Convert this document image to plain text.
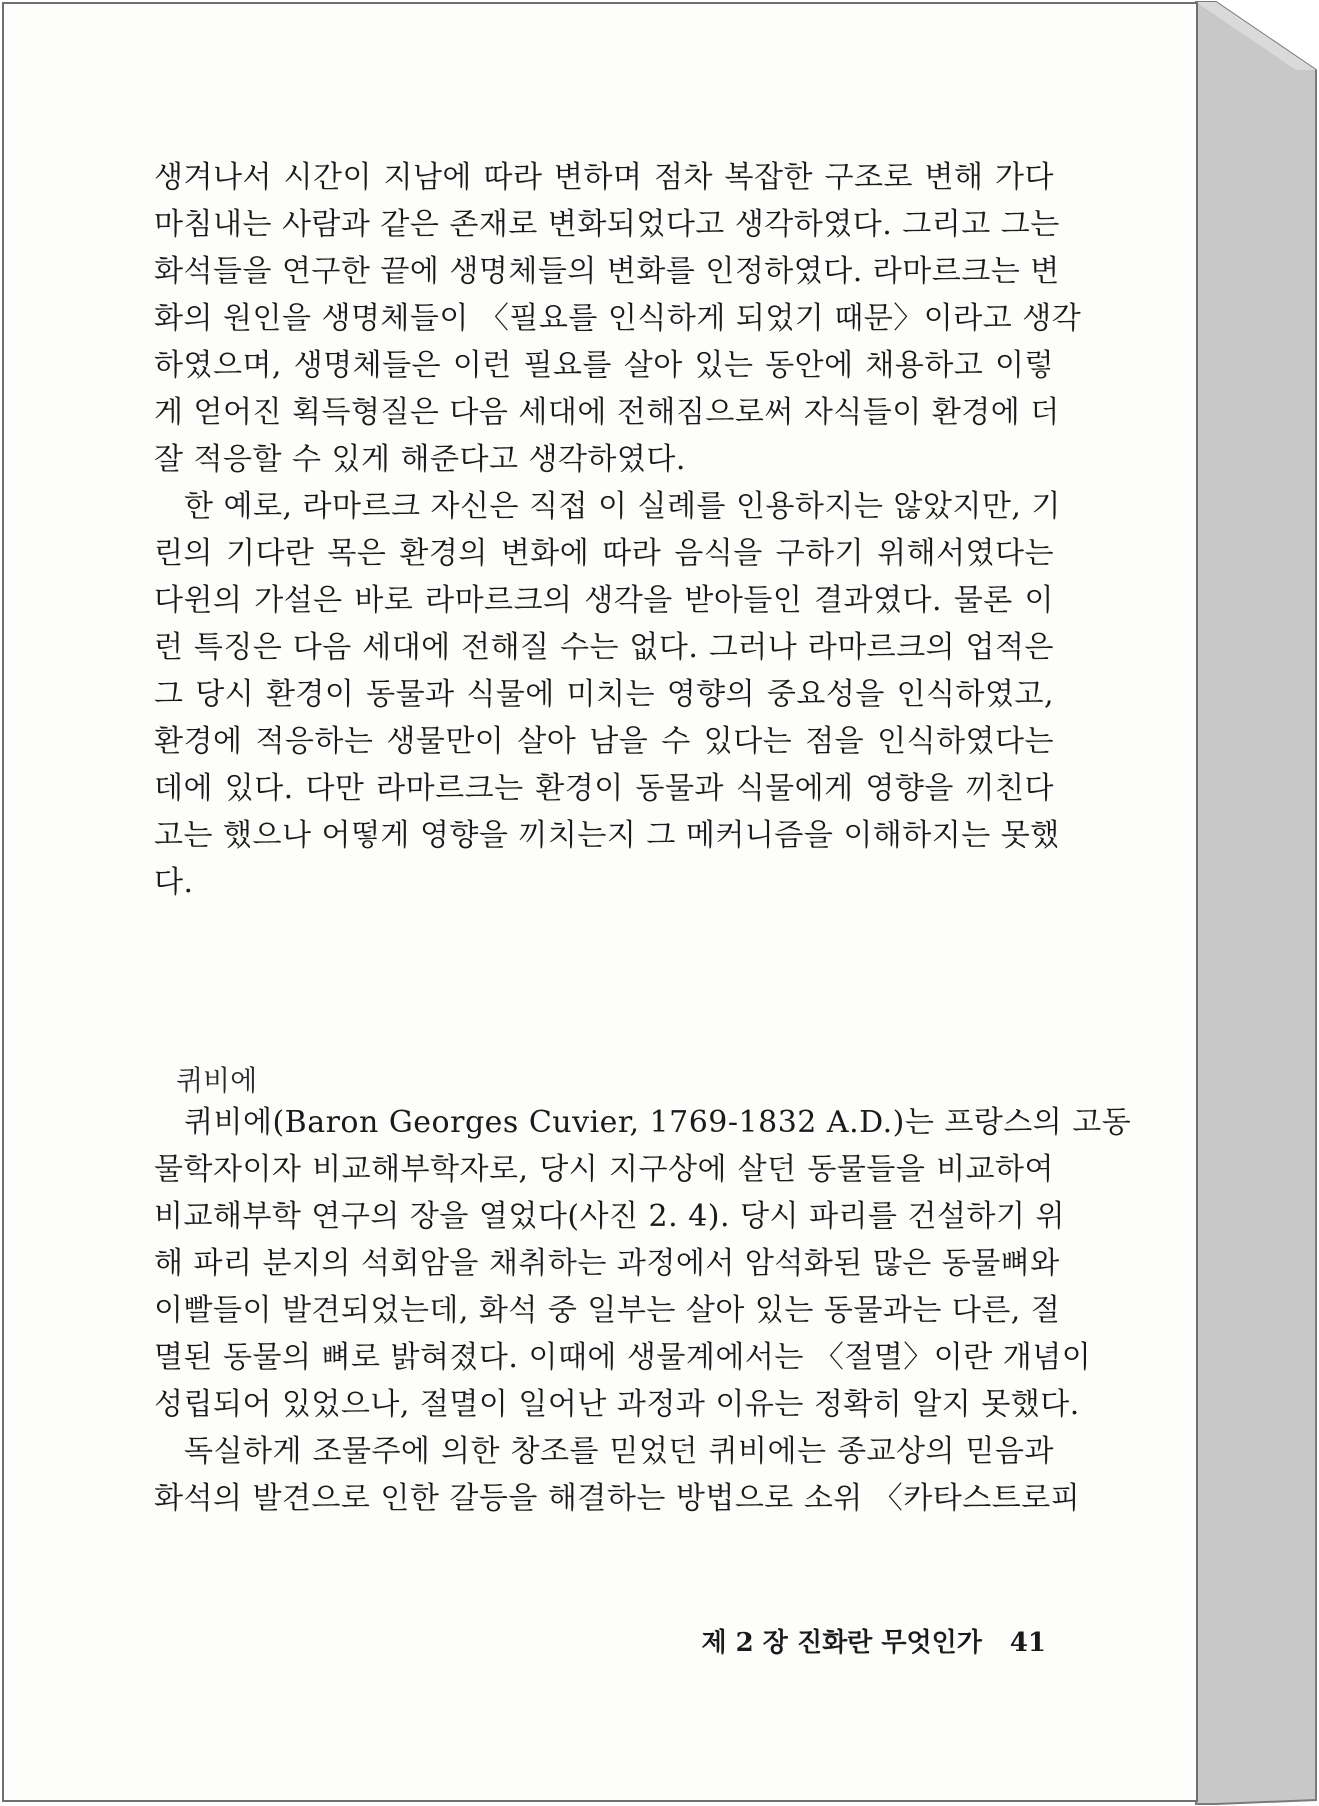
생겨나서 시간이 지남에 따라 변하며 점차 복잡한 구조로 변해 가다
마침내는 사람과 같은 존재로 변화되었다고 생각하였다. 그리고 그는
화석들을 연구한 끝에 생명체들의 변화를 인정하였다. 라마르크는 변
화의 원인을 생명체들이 〈필요를 인식하게 되었기 때문〉이라고 생각
하였으며, 생명체들은 이런 필요를 살아 있는 동안에 채용하고 이렇
게 얻어진 획득형질은 다음 세대에 전해짐으로써 자식들이 환경에 더
잘 적응할 수 있게 해준다고 생각하였다.
한 예로, 라마르크 자신은 직접 이 실례를 인용하지는 않았지만, 기
린의 기다란 목은 환경의 변화에 따라 음식을 구하기 위해서였다는
다윈의 가설은 바로 라마르크의 생각을 받아들인 결과였다. 물론 이
런 특징은 다음 세대에 전해질 수는 없다. 그러나 라마르크의 업적은
그 당시 환경이 동물과 식물에 미치는 영향의 중요성을 인식하였고,
환경에 적응하는 생물만이 살아 남을 수 있다는 점을 인식하였다는
데에 있다. 다만 라마르크는 환경이 동물과 식물에게 영향을 끼친다
고는 했으나 어떻게 영향을 끼치는지 그 메커니즘을 이해하지는 못했
다.
퀴비에
퀴비에(Baron Georges Cuvier, 1769-1832 A.D.)는 프랑스의 고동
물학자이자 비교해부학자로, 당시 지구상에 살던 동물들을 비교하여
비교해부학 연구의 장을 열었다(사진 2. 4). 당시 파리를 건설하기 위
해 파리 분지의 석회암을 채취하는 과정에서 암석화된 많은 동물뼈와
이빨들이 발견되었는데, 화석 중 일부는 살아 있는 동물과는 다른, 절
멸된 동물의 뼈로 밝혀졌다. 이때에 생물계에서는 〈절멸〉이란 개념이
성립되어 있었으나, 절멸이 일어난 과정과 이유는 정확히 알지 못했다.
독실하게 조물주에 의한 창조를 믿었던 퀴비에는 종교상의 믿음과
화석의 발견으로 인한 갈등을 해결하는 방법으로 소위 〈카타스트로피
제 2 장 진화란 무엇인가 41
